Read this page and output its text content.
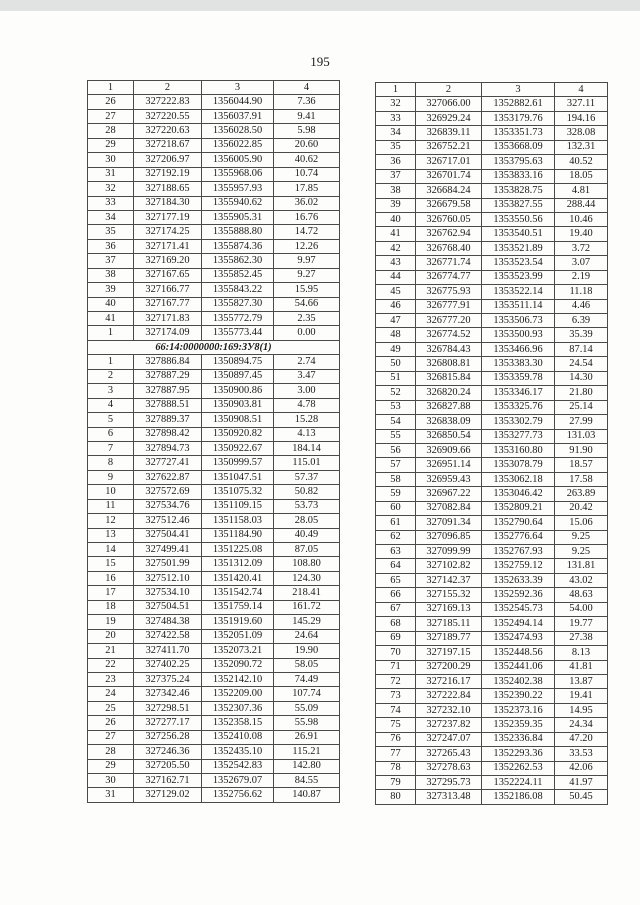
195
1	2	3	4
26	327222.83	1356044.90	7.36
27	327220.55	1356037.91	9.41
28	327220.63	1356028.50	5.98
29	327218.67	1356022.85	20.60
30	327206.97	1356005.90	40.62
31	327192.19	1355968.06	10.74
32	327188.65	1355957.93	17.85
33	327184.30	1355940.62	36.02
34	327177.19	1355905.31	16.76
35	327174.25	1355888.80	14.72
36	327171.41	1355874.36	12.26
37	327169.20	1355862.30	9.97
38	327167.65	1355852.45	9.27
39	327166.77	1355843.22	15.95
40	327167.77	1355827.30	54.66
41	327171.83	1355772.79	2.35
1	327174.09	1355773.44	0.00
66:14:0000000:169:ЗУ8(1)			
1	327886.84	1350894.75	2.74
2	327887.29	1350897.45	3.47
3	327887.95	1350900.86	3.00
4	327888.51	1350903.81	4.78
5	327889.37	1350908.51	15.28
6	327898.42	1350920.82	4.13
7	327894.73	1350922.67	184.14
8	327727.41	1350999.57	115.01
9	327622.87	1351047.51	57.37
10	327572.69	1351075.32	50.82
11	327534.76	1351109.15	53.73
12	327512.46	1351158.03	28.05
13	327504.41	1351184.90	40.49
14	327499.41	1351225.08	87.05
15	327501.99	1351312.09	108.80
16	327512.10	1351420.41	124.30
17	327534.10	1351542.74	218.41
18	327504.51	1351759.14	161.72
19	327484.38	1351919.60	145.29
20	327422.58	1352051.09	24.64
21	327411.70	1352073.21	19.90
22	327402.25	1352090.72	58.05
23	327375.24	1352142.10	74.49
24	327342.46	1352209.00	107.74
25	327298.51	1352307.36	55.09
26	327277.17	1352358.15	55.98
27	327256.28	1352410.08	26.91
28	327246.36	1352435.10	115.21
29	327205.50	1352542.83	142.80
30	327162.71	1352679.07	84.55
31	327129.02	1352756.62	140.87
1	2	3	4
32	327066.00	1352882.61	327.11
33	326929.24	1353179.76	194.16
34	326839.11	1353351.73	328.08
35	326752.21	1353668.09	132.31
36	326717.01	1353795.63	40.52
37	326701.74	1353833.16	18.05
38	326684.24	1353828.75	4.81
39	326679.58	1353827.55	288.44
40	326760.05	1353550.56	10.46
41	326762.94	1353540.51	19.40
42	326768.40	1353521.89	3.72
43	326771.74	1353523.54	3.07
44	326774.77	1353523.99	2.19
45	326775.93	1353522.14	11.18
46	326777.91	1353511.14	4.46
47	326777.20	1353506.73	6.39
48	326774.52	1353500.93	35.39
49	326784.43	1353466.96	87.14
50	326808.81	1353383.30	24.54
51	326815.84	1353359.78	14.30
52	326820.24	1353346.17	21.80
53	326827.88	1353325.76	25.14
54	326838.09	1353302.79	27.99
55	326850.54	1353277.73	131.03
56	326909.66	1353160.80	91.90
57	326951.14	1353078.79	18.57
58	326959.43	1353062.18	17.58
59	326967.22	1353046.42	263.89
60	327082.84	1352809.21	20.42
61	327091.34	1352790.64	15.06
62	327096.85	1352776.64	9.25
63	327099.99	1352767.93	9.25
64	327102.82	1352759.12	131.81
65	327142.37	1352633.39	43.02
66	327155.32	1352592.36	48.63
67	327169.13	1352545.73	54.00
68	327185.11	1352494.14	19.77
69	327189.77	1352474.93	27.38
70	327197.15	1352448.56	8.13
71	327200.29	1352441.06	41.81
72	327216.17	1352402.38	13.87
73	327222.84	1352390.22	19.41
74	327232.10	1352373.16	14.95
75	327237.82	1352359.35	24.34
76	327247.07	1352336.84	47.20
77	327265.43	1352293.36	33.53
78	327278.63	1352262.53	42.06
79	327295.73	1352224.11	41.97
80	327313.48	1352186.08	50.45
